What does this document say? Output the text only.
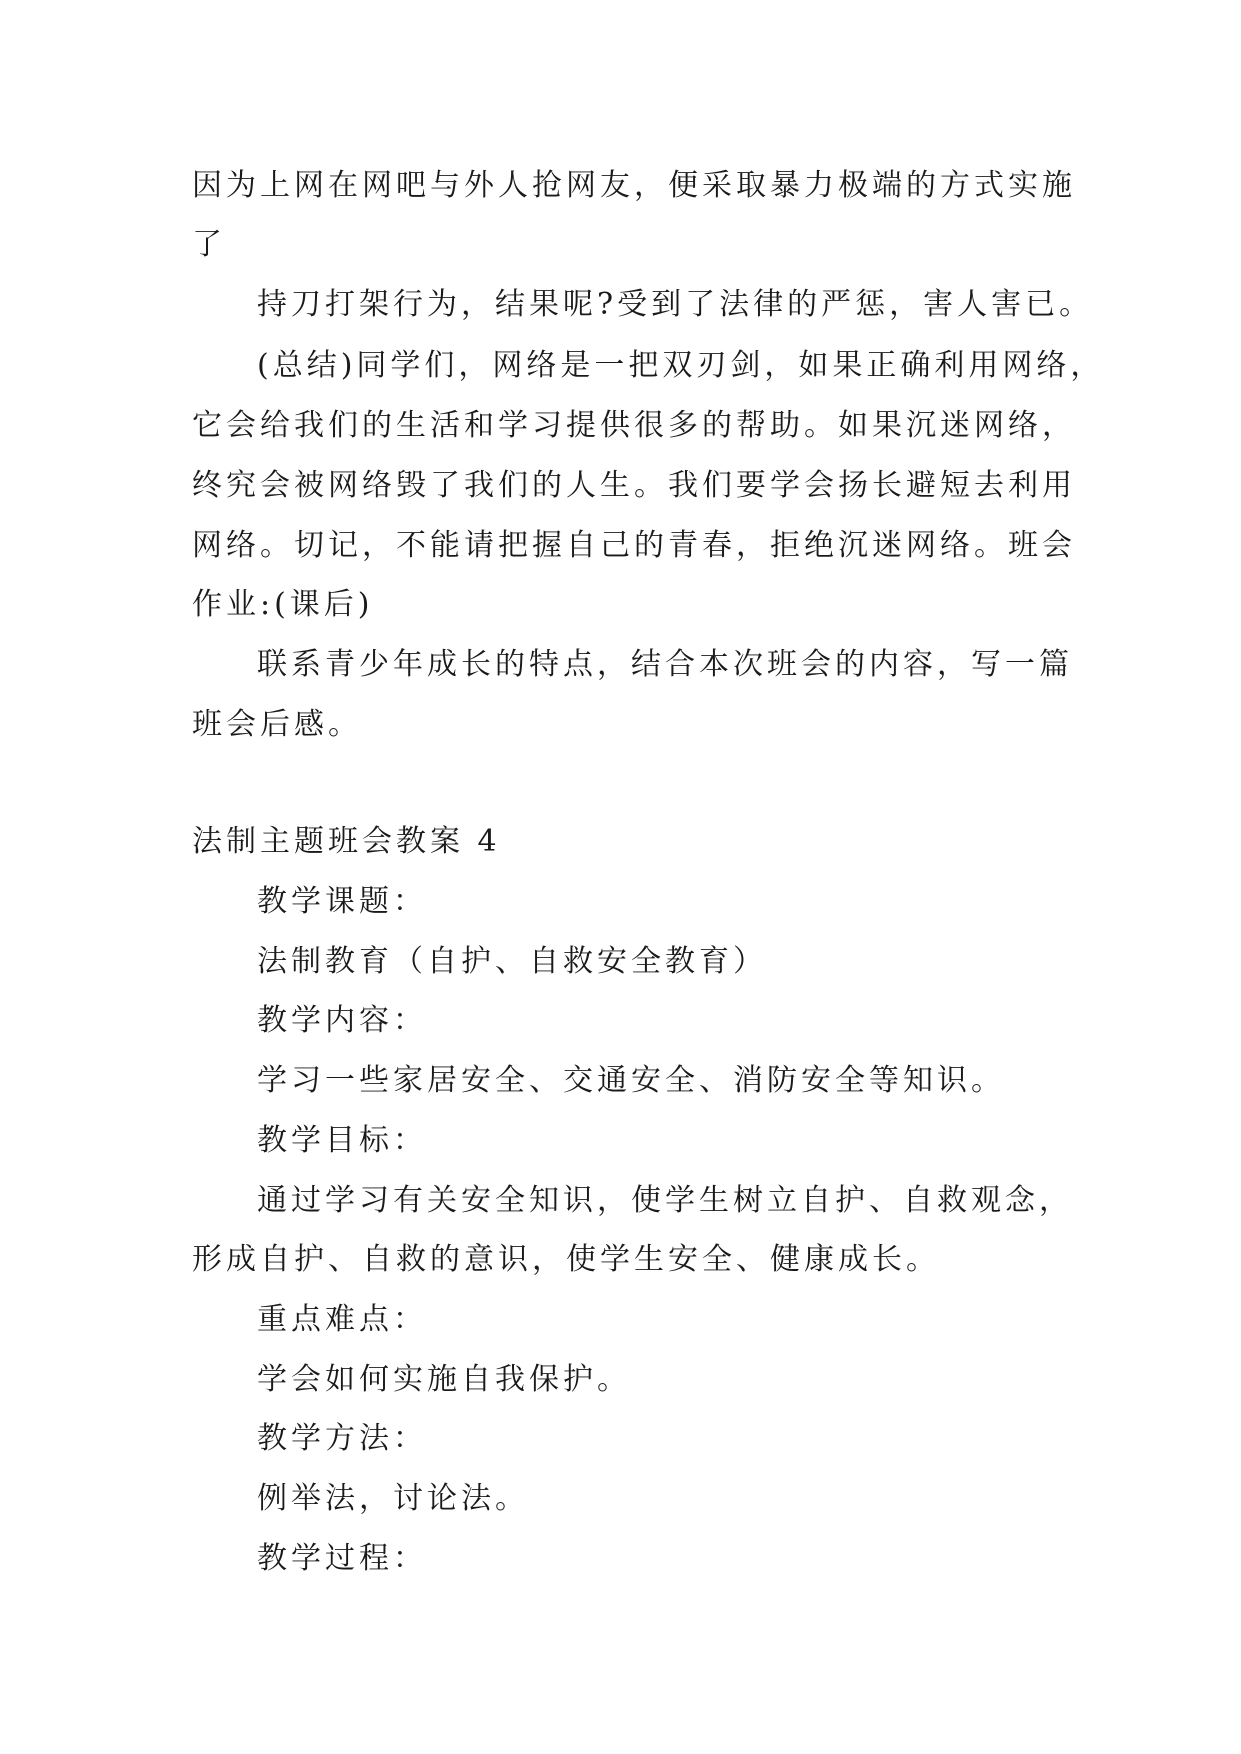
因为上网在网吧与外人抢网友，便采取暴力极端的方式实施
了
持刀打架行为，结果呢?受到了法律的严惩，害人害已。
(总结)同学们，网络是一把双刃剑，如果正确利用网络，
它会给我们的生活和学习提供很多的帮助。如果沉迷网络，
终究会被网络毁了我们的人生。我们要学会扬长避短去利用
网络。切记，不能请把握自己的青春，拒绝沉迷网络。班会
作业:(课后)
联系青少年成长的特点，结合本次班会的内容，写一篇
班会后感。
法制主题班会教案 4
教学课题：
法制教育（自护、自救安全教育）
教学内容：
学习一些家居安全、交通安全、消防安全等知识。
教学目标：
通过学习有关安全知识，使学生树立自护、自救观念，
形成自护、自救的意识，使学生安全、健康成长。
重点难点：
学会如何实施自我保护。
教学方法：
例举法，讨论法。
教学过程：
